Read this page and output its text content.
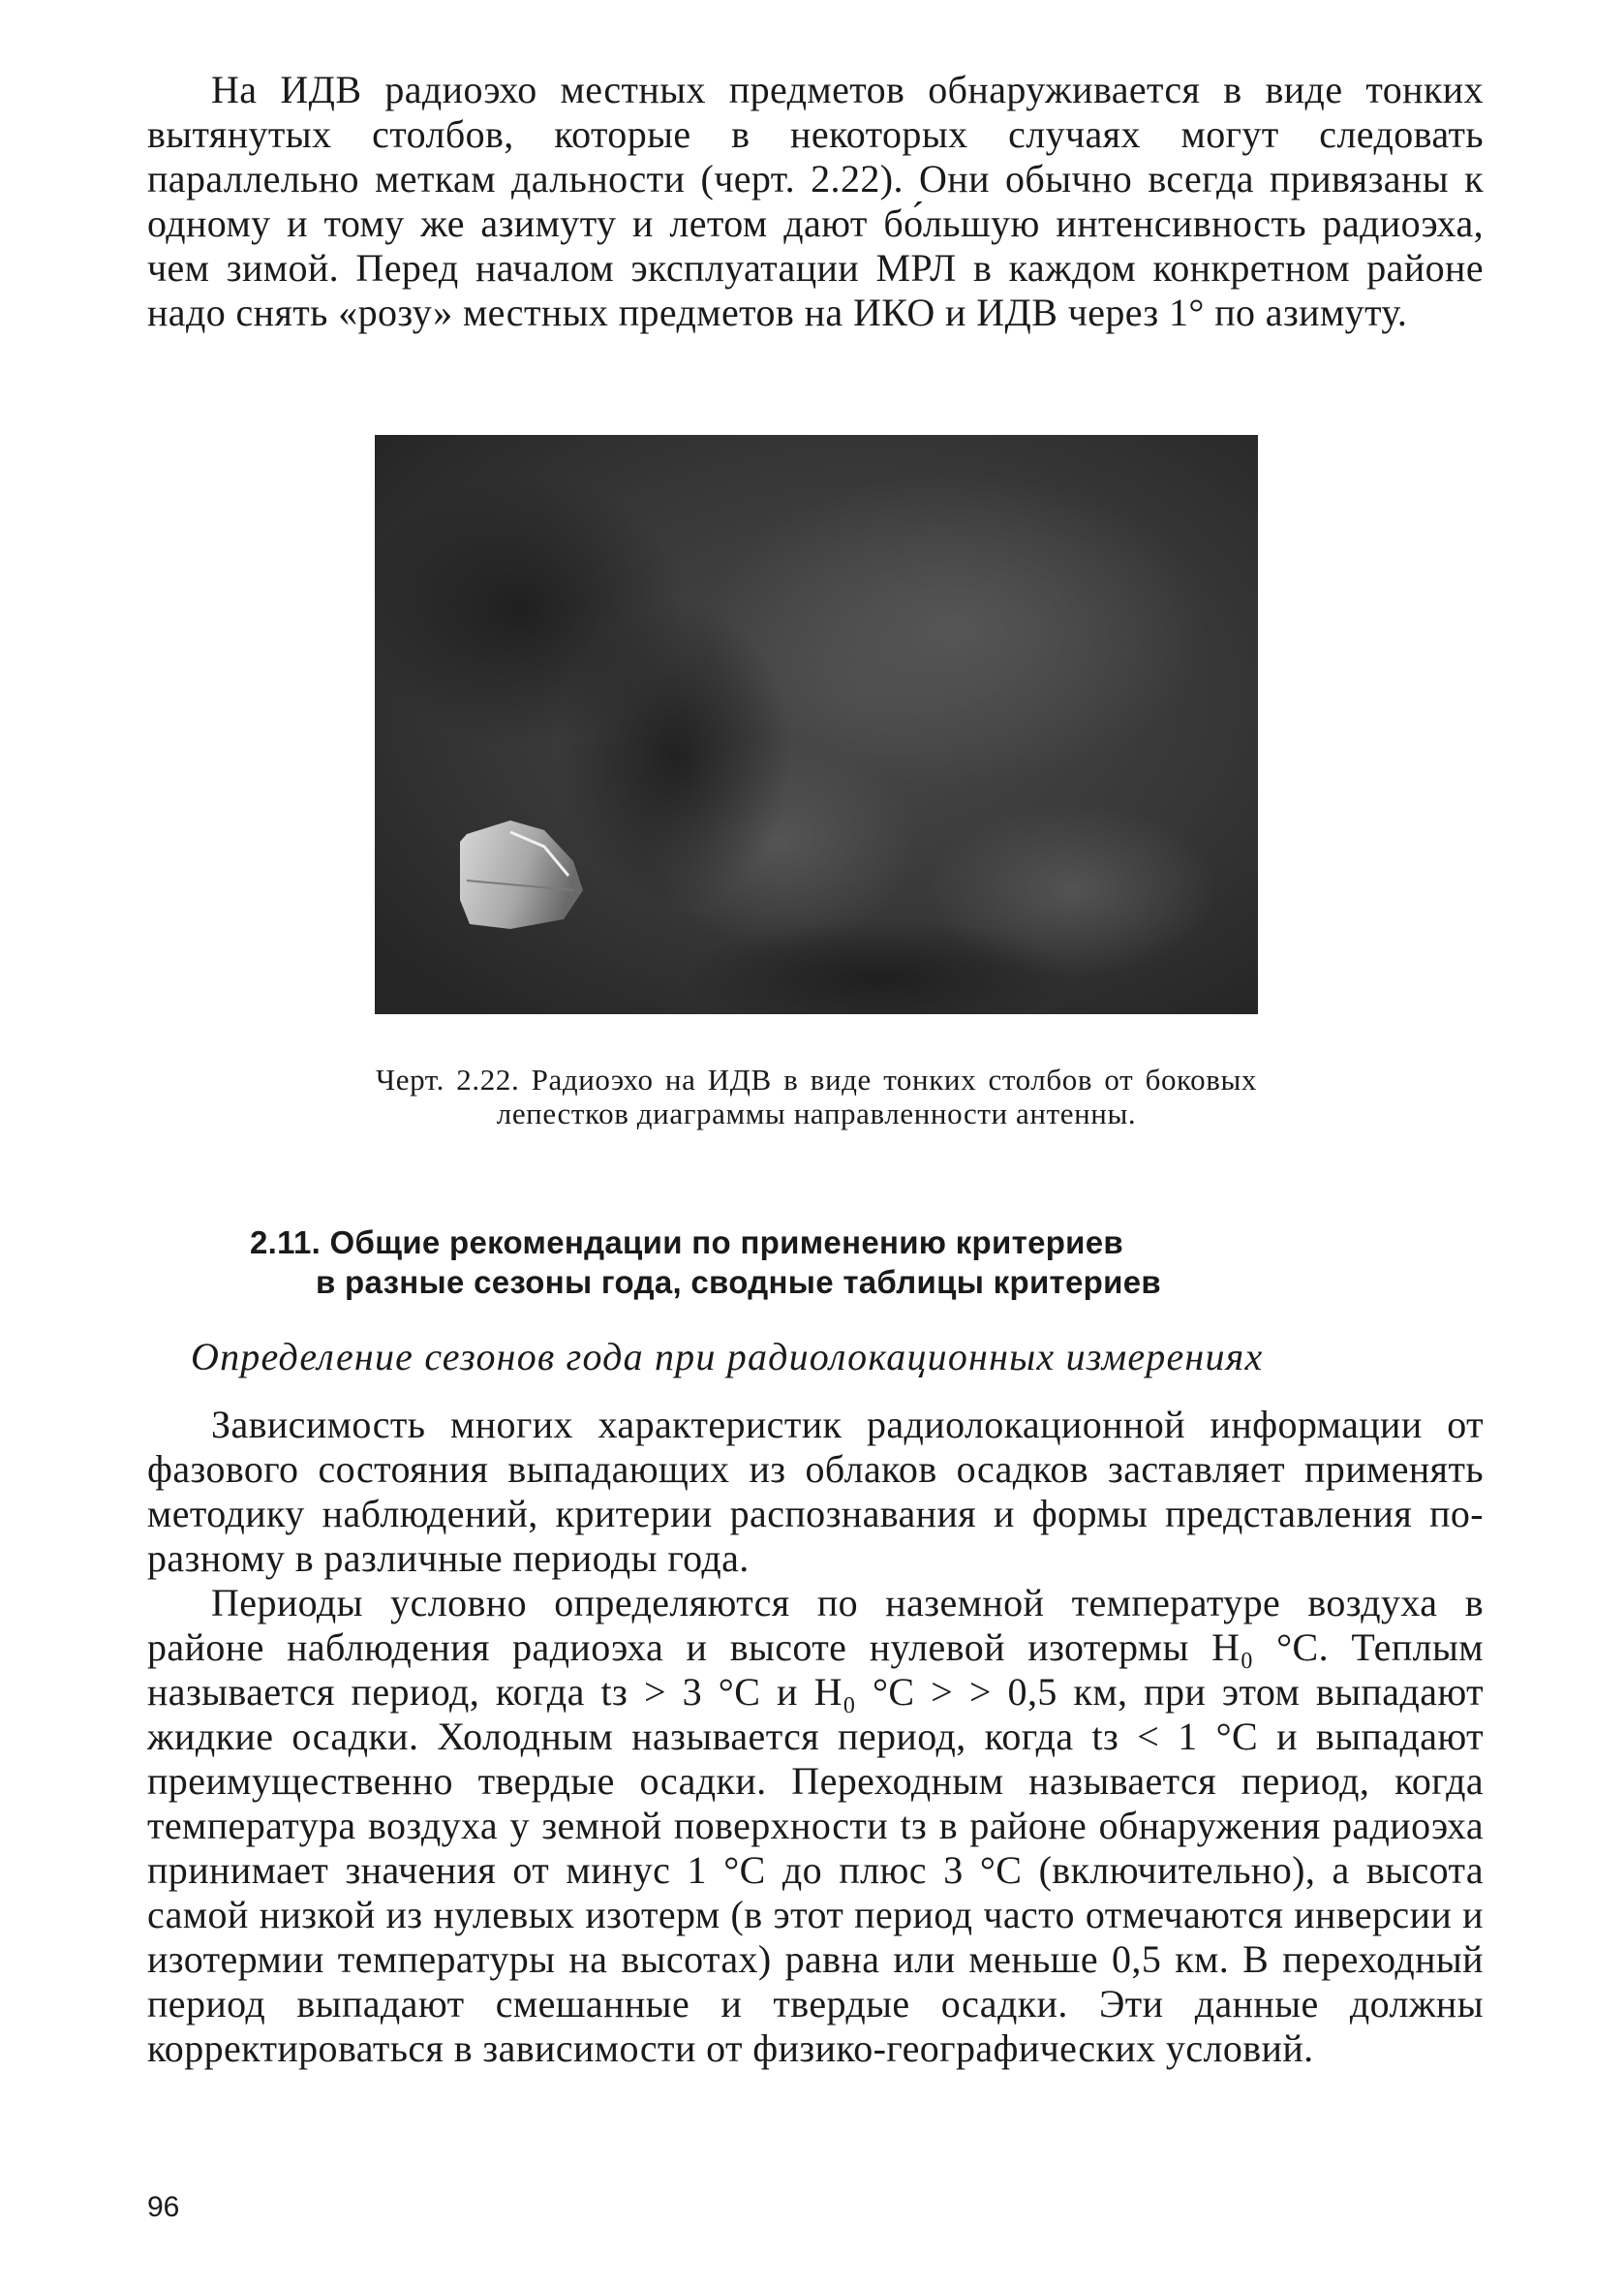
На ИДВ радиоэхо местных предметов обнаруживается в виде тонких вытянутых столбов, которые в некоторых случаях могут следовать параллельно меткам дальности (черт. 2.22). Они обычно всегда привязаны к одному и тому же азимуту и летом дают бо́льшую интенсивность радиоэха, чем зимой. Перед началом эксплуатации МРЛ в каждом конкретном районе надо снять «розу» местных предметов на ИКО и ИДВ через 1° по азимуту.

Черт. 2.22. Радиоэхо на ИДВ в виде тонких столбов от боковых лепестков диаграммы направленности антенны.
2.11. Общие рекомендации по применению критериев
в разные сезоны года, сводные таблицы критериев
Определение сезонов года при радиолокационных измерениях

Зависимость многих характеристик радиолокационной информации от фазового состояния выпадающих из облаков осадков заставляет применять методику наблюдений, критерии распознавания и формы представления по-разному в различные периоды года.

Периоды условно определяются по наземной температуре воздуха в районе наблюдения радиоэха и высоте нулевой изотермы H₀ °C. Теплым называется период, когда tз > 3 °C и H₀ °C > > 0,5 км, при этом выпадают жидкие осадки. Холодным называется период, когда tз < 1 °C и выпадают преимущественно твердые осадки. Переходным называется период, когда температура воздуха у земной поверхности tз в районе обнаружения радиоэха принимает значения от минус 1 °C до плюс 3 °C (включительно), а высота самой низкой из нулевых изотерм (в этот период часто отмечаются инверсии и изотермии температуры на высотах) равна или меньше 0,5 км. В переходный период выпадают смешанные и твердые осадки. Эти данные должны корректироваться в зависимости от физико-географических условий.

96
